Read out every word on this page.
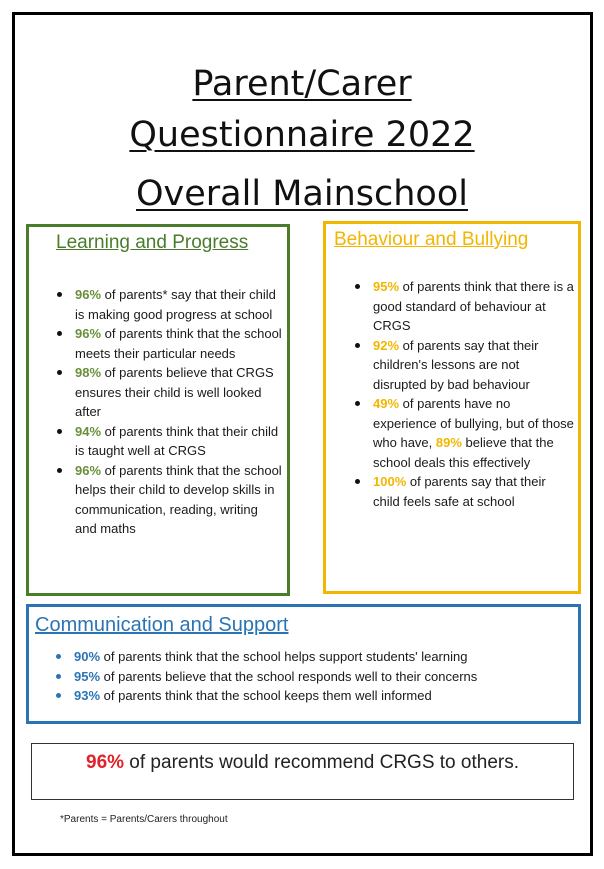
Parent/Carer
Questionnaire 2022
Overall Mainschool
Learning and Progress
96% of parents* say that their child is making good progress at school
96% of parents think that the school meets their particular needs
98% of parents believe that CRGS ensures their child is well looked after
94% of parents think that their child is taught well at CRGS
96% of parents think that the school helps their child to develop skills in communication, reading, writing and maths
Behaviour and Bullying
95% of parents think that there is a good standard of behaviour at CRGS
92% of parents say that their children's lessons are not disrupted by bad behaviour
49% of parents have no experience of bullying, but of those who have, 89% believe that the school deals this effectively
100% of parents say that their child feels safe at school
Communication and Support
90% of parents think that the school helps support students' learning
95% of parents believe that the school responds well to their concerns
93% of parents think that the school keeps them well informed
96% of parents would recommend CRGS to others.
*Parents = Parents/Carers throughout
